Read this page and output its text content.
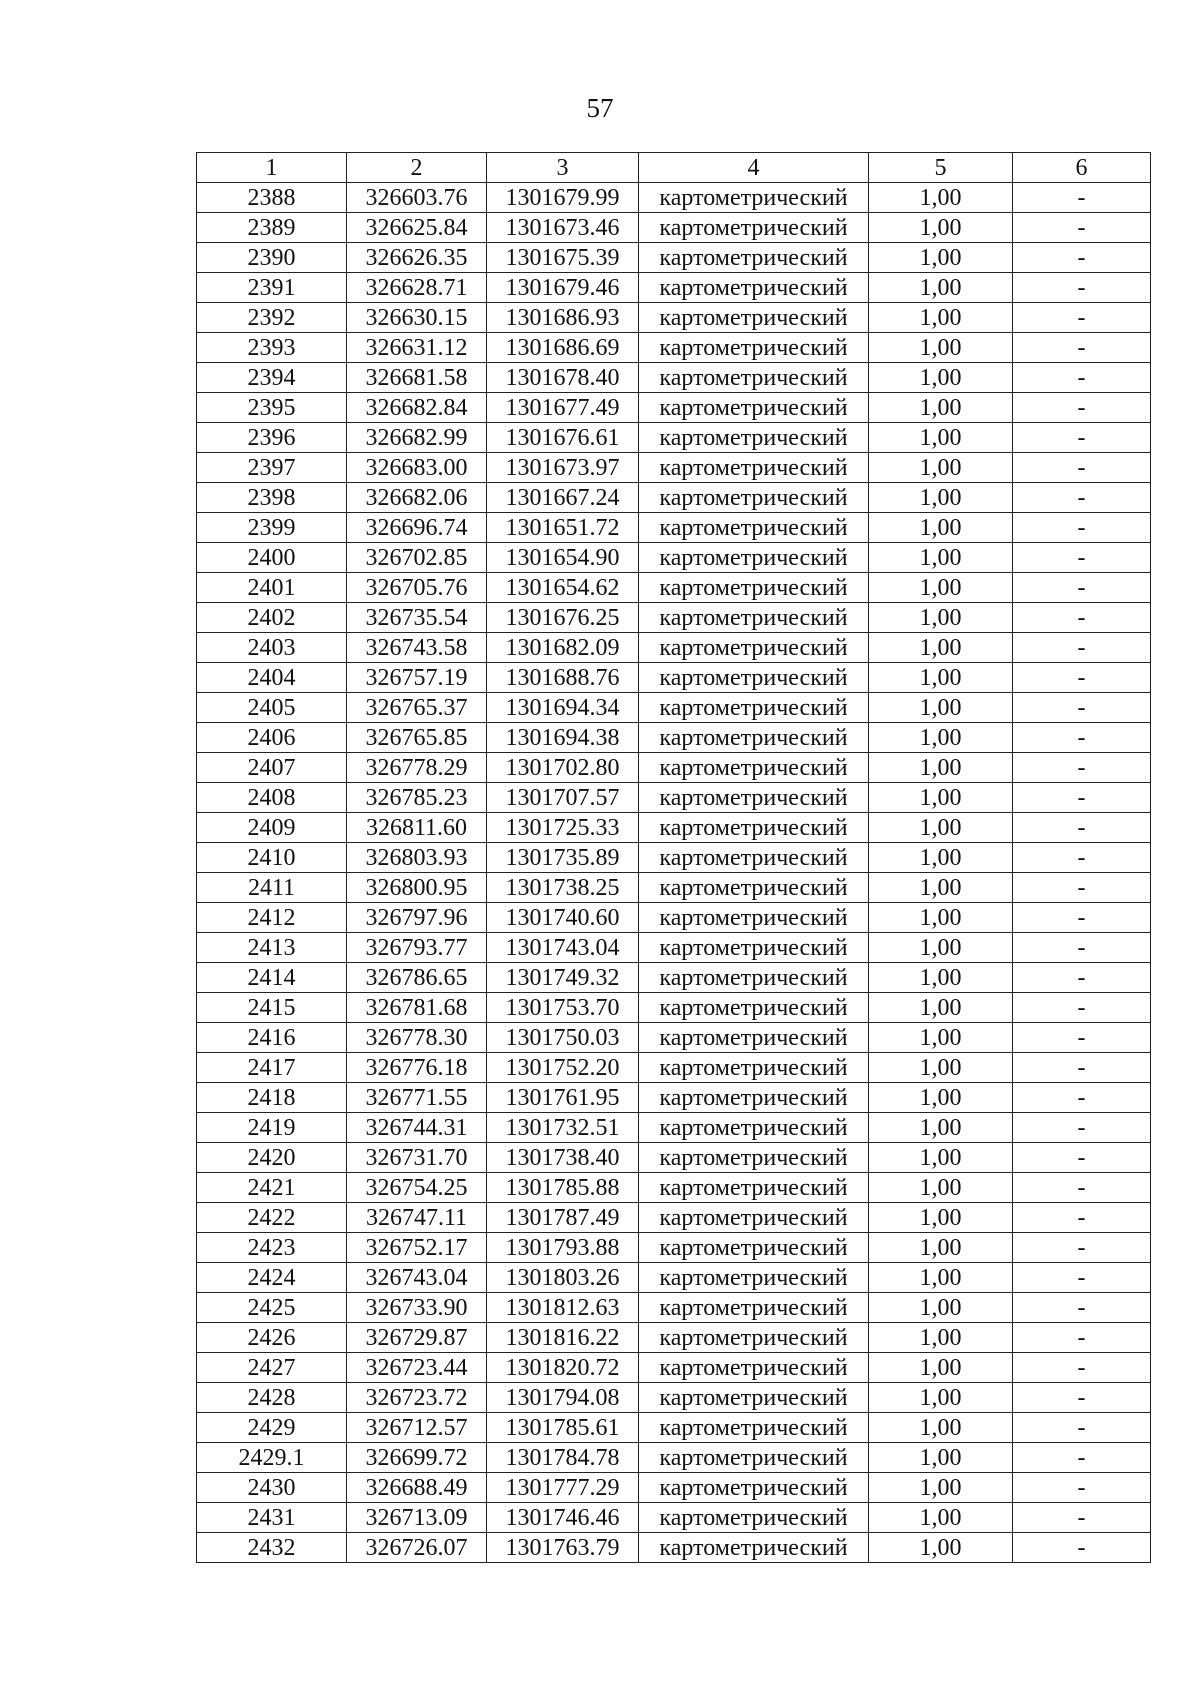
57
1	2	3	4	5	6
2388	326603.76	1301679.99	картометрический	1,00	-
2389	326625.84	1301673.46	картометрический	1,00	-
2390	326626.35	1301675.39	картометрический	1,00	-
2391	326628.71	1301679.46	картометрический	1,00	-
2392	326630.15	1301686.93	картометрический	1,00	-
2393	326631.12	1301686.69	картометрический	1,00	-
2394	326681.58	1301678.40	картометрический	1,00	-
2395	326682.84	1301677.49	картометрический	1,00	-
2396	326682.99	1301676.61	картометрический	1,00	-
2397	326683.00	1301673.97	картометрический	1,00	-
2398	326682.06	1301667.24	картометрический	1,00	-
2399	326696.74	1301651.72	картометрический	1,00	-
2400	326702.85	1301654.90	картометрический	1,00	-
2401	326705.76	1301654.62	картометрический	1,00	-
2402	326735.54	1301676.25	картометрический	1,00	-
2403	326743.58	1301682.09	картометрический	1,00	-
2404	326757.19	1301688.76	картометрический	1,00	-
2405	326765.37	1301694.34	картометрический	1,00	-
2406	326765.85	1301694.38	картометрический	1,00	-
2407	326778.29	1301702.80	картометрический	1,00	-
2408	326785.23	1301707.57	картометрический	1,00	-
2409	326811.60	1301725.33	картометрический	1,00	-
2410	326803.93	1301735.89	картометрический	1,00	-
2411	326800.95	1301738.25	картометрический	1,00	-
2412	326797.96	1301740.60	картометрический	1,00	-
2413	326793.77	1301743.04	картометрический	1,00	-
2414	326786.65	1301749.32	картометрический	1,00	-
2415	326781.68	1301753.70	картометрический	1,00	-
2416	326778.30	1301750.03	картометрический	1,00	-
2417	326776.18	1301752.20	картометрический	1,00	-
2418	326771.55	1301761.95	картометрический	1,00	-
2419	326744.31	1301732.51	картометрический	1,00	-
2420	326731.70	1301738.40	картометрический	1,00	-
2421	326754.25	1301785.88	картометрический	1,00	-
2422	326747.11	1301787.49	картометрический	1,00	-
2423	326752.17	1301793.88	картометрический	1,00	-
2424	326743.04	1301803.26	картометрический	1,00	-
2425	326733.90	1301812.63	картометрический	1,00	-
2426	326729.87	1301816.22	картометрический	1,00	-
2427	326723.44	1301820.72	картометрический	1,00	-
2428	326723.72	1301794.08	картометрический	1,00	-
2429	326712.57	1301785.61	картометрический	1,00	-
2429.1	326699.72	1301784.78	картометрический	1,00	-
2430	326688.49	1301777.29	картометрический	1,00	-
2431	326713.09	1301746.46	картометрический	1,00	-
2432	326726.07	1301763.79	картометрический	1,00	-
